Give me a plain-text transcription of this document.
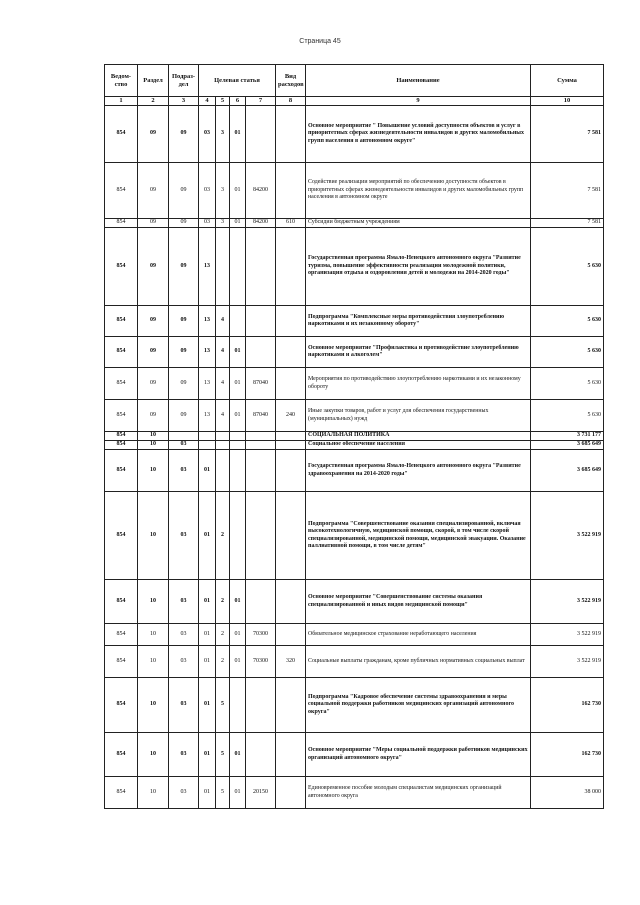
Страница 45
Ведом-ство	Раздел	Подраз-дел	Целевая статья				Вид расходов	Наименование	Сумма
1	2	3	4	5	6	7	8	9	10
854	09	09	03	3	01			Основное мероприятие " Повышение условий доступности объектов и услуг в приоритетных сферах жизнедеятельности инвалидов и других маломобильных групп населения в автономном округе"	7 581
854	09	09	03	3	01	84200		Содействие реализации мероприятий по обеспечению доступности объектов в приоритетных сферах жизнедеятельности инвалидов и других маломобильных групп населения в автономном округе	7 581
854	09	09	03	3	01	84200	610	Субсидии бюджетным учреждениям	7 581
854	09	09	13					Государственная программа Ямало-Ненецкого автономного округа "Развитие туризма, повышение эффективности реализации молодежной политики, организация отдыха и оздоровления детей и молодежи на 2014-2020 годы"	5 630
854	09	09	13	4				Подпрограмма "Комплексные меры противодействия злоупотреблению наркотиками и их незаконному обороту"	5 630
854	09	09	13	4	01			Основное мероприятие "Профилактика и противодействие злоупотреблению наркотиками и алкоголем"	5 630
854	09	09	13	4	01	87040		Мероприятия по противодействию злоупотреблению наркотиками и их незаконному обороту	5 630
854	09	09	13	4	01	87040	240	Иные закупки товаров, работ и услуг для обеспечения государственных (муниципальных) нужд	5 630
854	10							СОЦИАЛЬНАЯ ПОЛИТИКА	3 731 177
854	10	03						Социальное обеспечение населения	3 685 649
854	10	03	01					Государственная программа Ямало-Ненецкого автономного округа "Развитие здравоохранения на 2014-2020 годы"	3 685 649
854	10	03	01	2				Подпрограмма "Совершенствование оказания специализированной, включая высокотехнологичную, медицинской помощи, скорой, в том числе скорой специализированной, медицинской помощи, медицинской эвакуации. Оказание паллиативной помощи, в том числе детям"	3 522 919
854	10	03	01	2	01			Основное мероприятие "Совершенствование системы оказания специализированной и иных видов медицинской помощи"	3 522 919
854	10	03	01	2	01	70300		Обязательное медицинское страхование неработающего населения	3 522 919
854	10	03	01	2	01	70300	320	Социальные выплаты гражданам, кроме публичных нормативных социальных выплат	3 522 919
854	10	03	01	5				Подпрограмма "Кадровое обеспечение системы здравоохранения и меры социальной поддержки работников медицинских организаций автономного округа"	162 730
854	10	03	01	5	01			Основное мероприятие "Меры социальной поддержки работников медицинских организаций автономного округа"	162 730
854	10	03	01	5	01	20150		Единовременное пособие молодым специалистам медицинских организаций автономного округа	38 000
